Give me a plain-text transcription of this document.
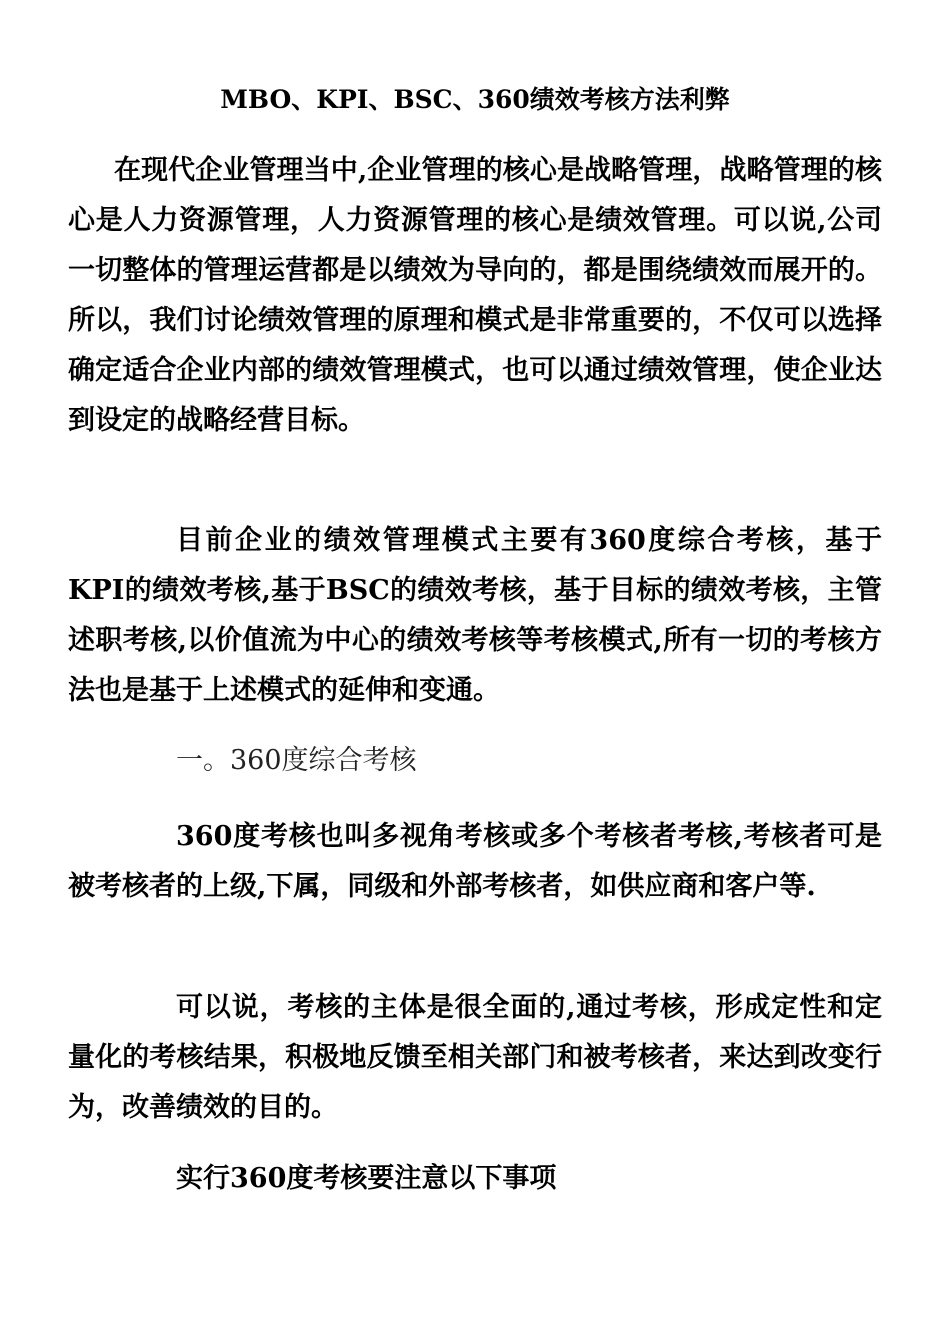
MBO、KPI、BSC、360绩效考核方法利弊

在现代企业管理当中,企业管理的核心是战略管理，战略管理的核心是人力资源管理，人力资源管理的核心是绩效管理。可以说,公司一切整体的管理运营都是以绩效为导向的，都是围绕绩效而展开的。所以，我们讨论绩效管理的原理和模式是非常重要的，不仅可以选择确定适合企业内部的绩效管理模式，也可以通过绩效管理，使企业达到设定的战略经营目标。

目前企业的绩效管理模式主要有360度综合考核，基于KPI的绩效考核,基于BSC的绩效考核，基于目标的绩效考核，主管述职考核,以价值流为中心的绩效考核等考核模式,所有一切的考核方法也是基于上述模式的延伸和变通。

一。360度综合考核

360度考核也叫多视角考核或多个考核者考核,考核者可是被考核者的上级,下属，同级和外部考核者，如供应商和客户等.

可以说，考核的主体是很全面的,通过考核，形成定性和定量化的考核结果，积极地反馈至相关部门和被考核者，来达到改变行为，改善绩效的目的。

实行360度考核要注意以下事项
